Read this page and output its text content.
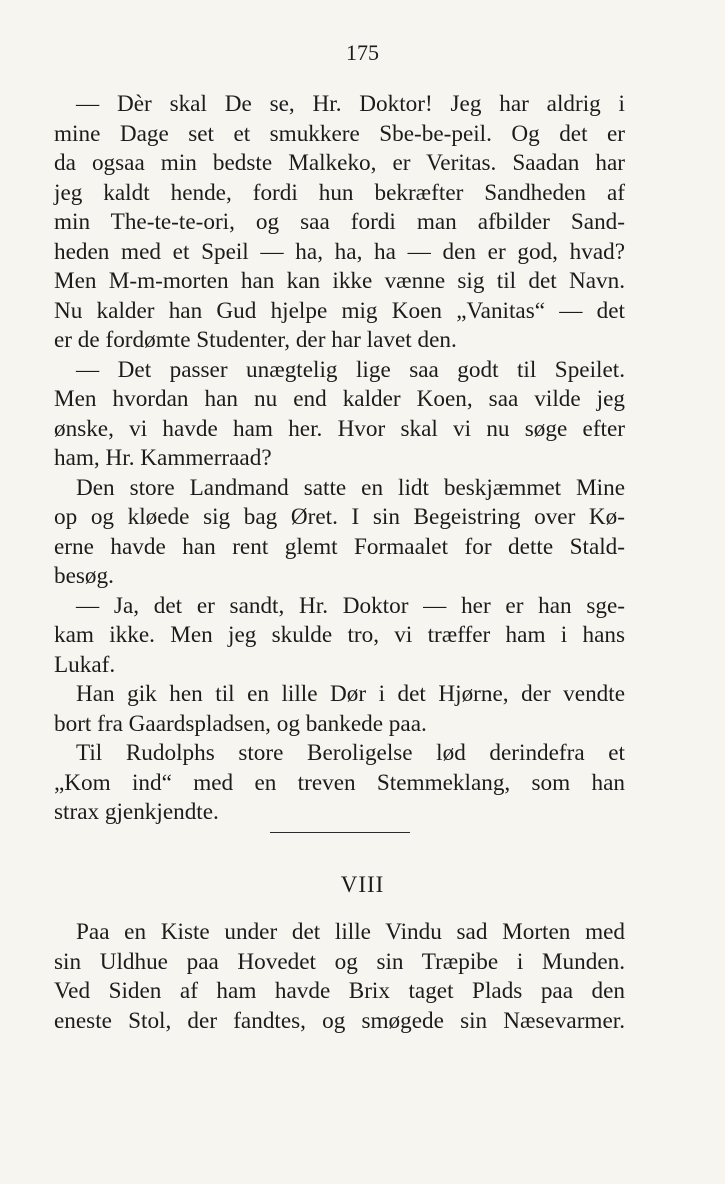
175
— Dèr skal De se, Hr. Doktor! Jeg har aldrig i
mine Dage set et smukkere Sbe-be-peil. Og det er
da ogsaa min bedste Malkeko, er Veritas. Saadan har
jeg kaldt hende, fordi hun bekræfter Sandheden af
min The-te-te-ori, og saa fordi man afbilder Sand-
heden med et Speil — ha, ha, ha — den er god, hvad?
Men M-m-morten han kan ikke vænne sig til det Navn.
Nu kalder han Gud hjelpe mig Koen „Vanitas“ — det
er de fordømte Studenter, der har lavet den.
— Det passer unægtelig lige saa godt til Speilet.
Men hvordan han nu end kalder Koen, saa vilde jeg
ønske, vi havde ham her. Hvor skal vi nu søge efter
ham, Hr. Kammerraad?
Den store Landmand satte en lidt beskjæmmet Mine
op og kløede sig bag Øret. I sin Begeistring over Kø-
erne havde han rent glemt Formaalet for dette Stald-
besøg.
— Ja, det er sandt, Hr. Doktor — her er han sge-
kam ikke. Men jeg skulde tro, vi træffer ham i hans
Lukaf.
Han gik hen til en lille Dør i det Hjørne, der vendte
bort fra Gaardspladsen, og bankede paa.
Til Rudolphs store Beroligelse lød derindefra et
„Kom ind“ med en treven Stemmeklang, som han
strax gjenkjendte.
VIII
Paa en Kiste under det lille Vindu sad Morten med
sin Uldhue paa Hovedet og sin Træpibe i Munden.
Ved Siden af ham havde Brix taget Plads paa den
eneste Stol, der fandtes, og smøgede sin Næsevarmer.
